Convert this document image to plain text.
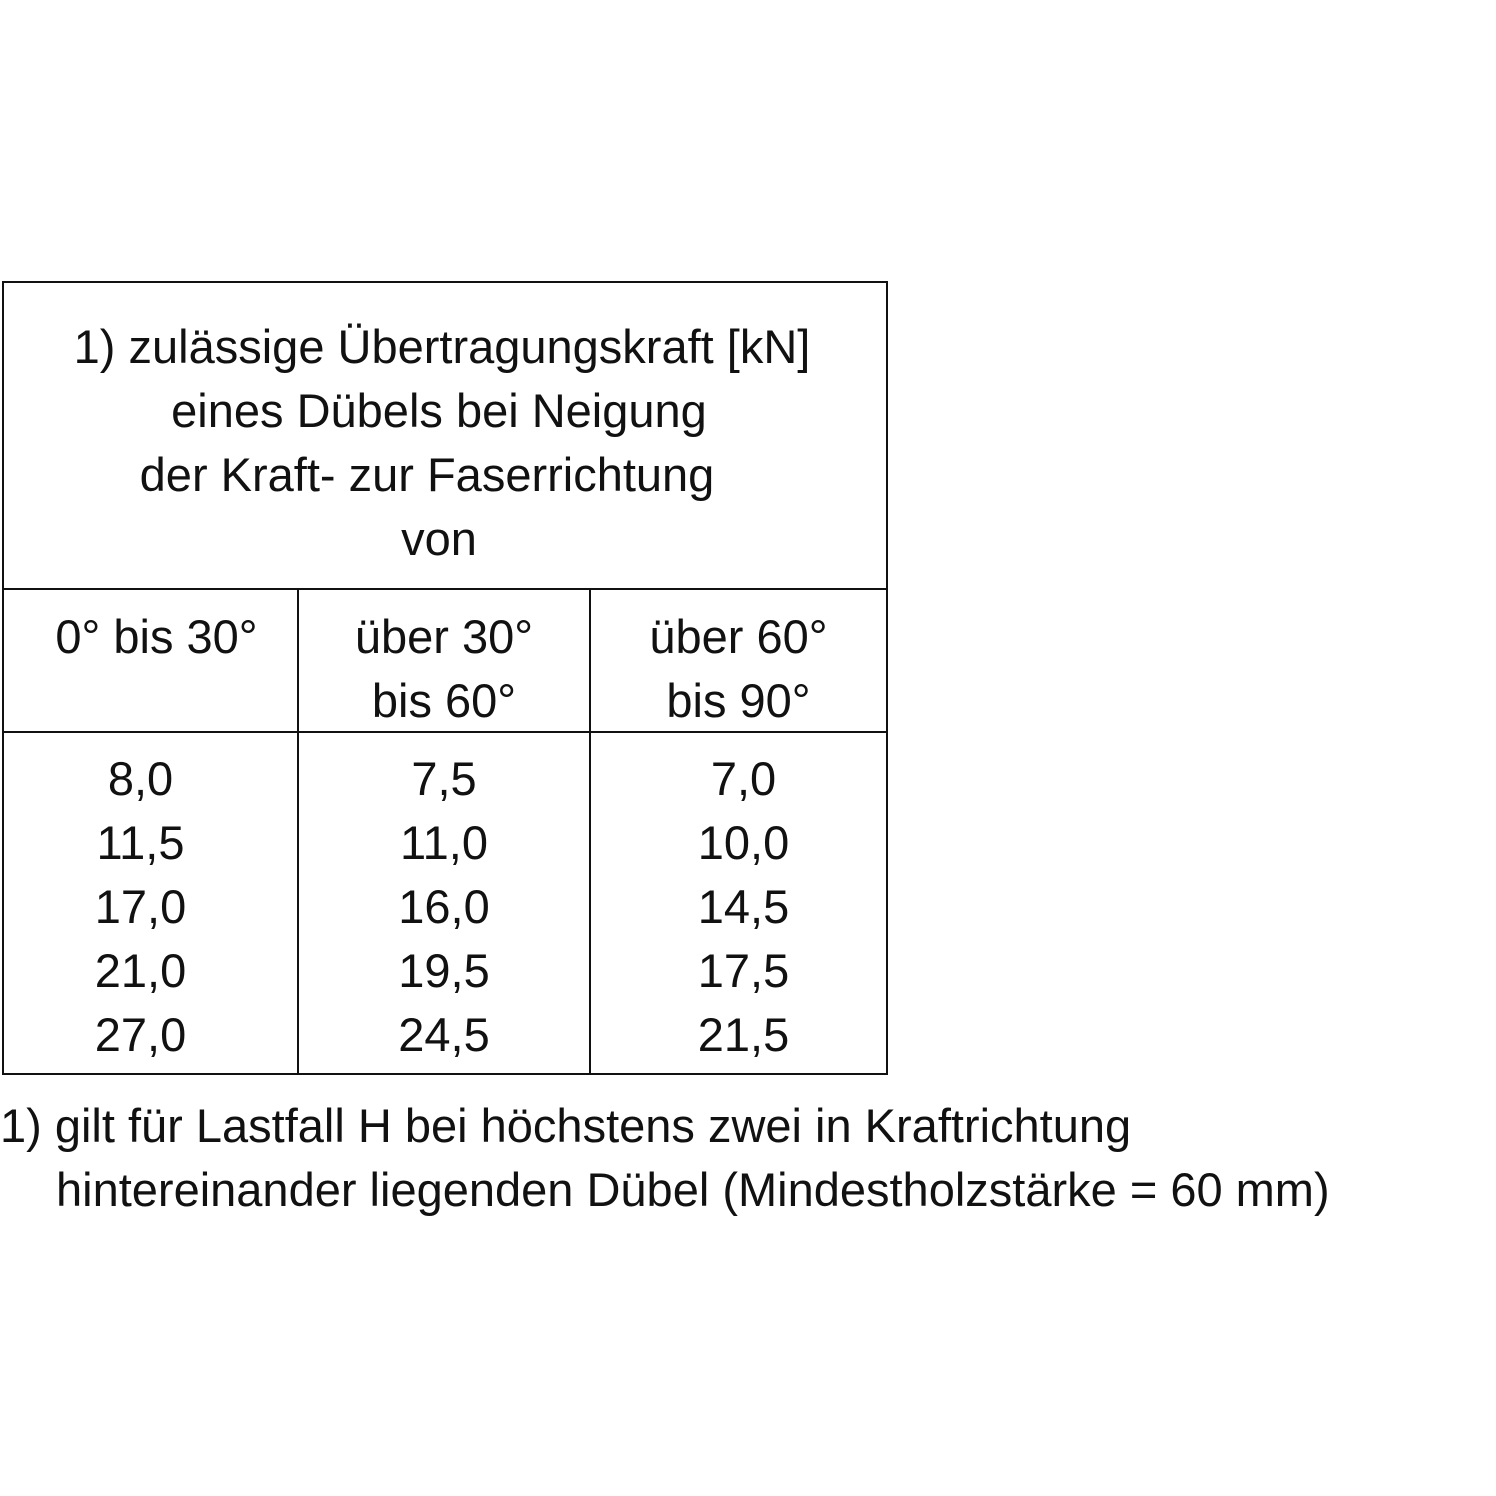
1) zulässige Übertragungskraft [kN]
eines Dübels bei Neigung
der Kraft- zur Faserrichtung
von
0° bis 30°
8,0
11,5
17,0
21,0
27,0
über 30°
bis 60°
7,5
11,0
16,0
19,5
24,5
über 60°
bis 90°
7,0
10,0
14,5
17,5
21,5
1) gilt für Lastfall H bei höchstens zwei in Kraftrichtung
hintereinander liegenden Dübel (Mindestholzstärke = 60 mm)
